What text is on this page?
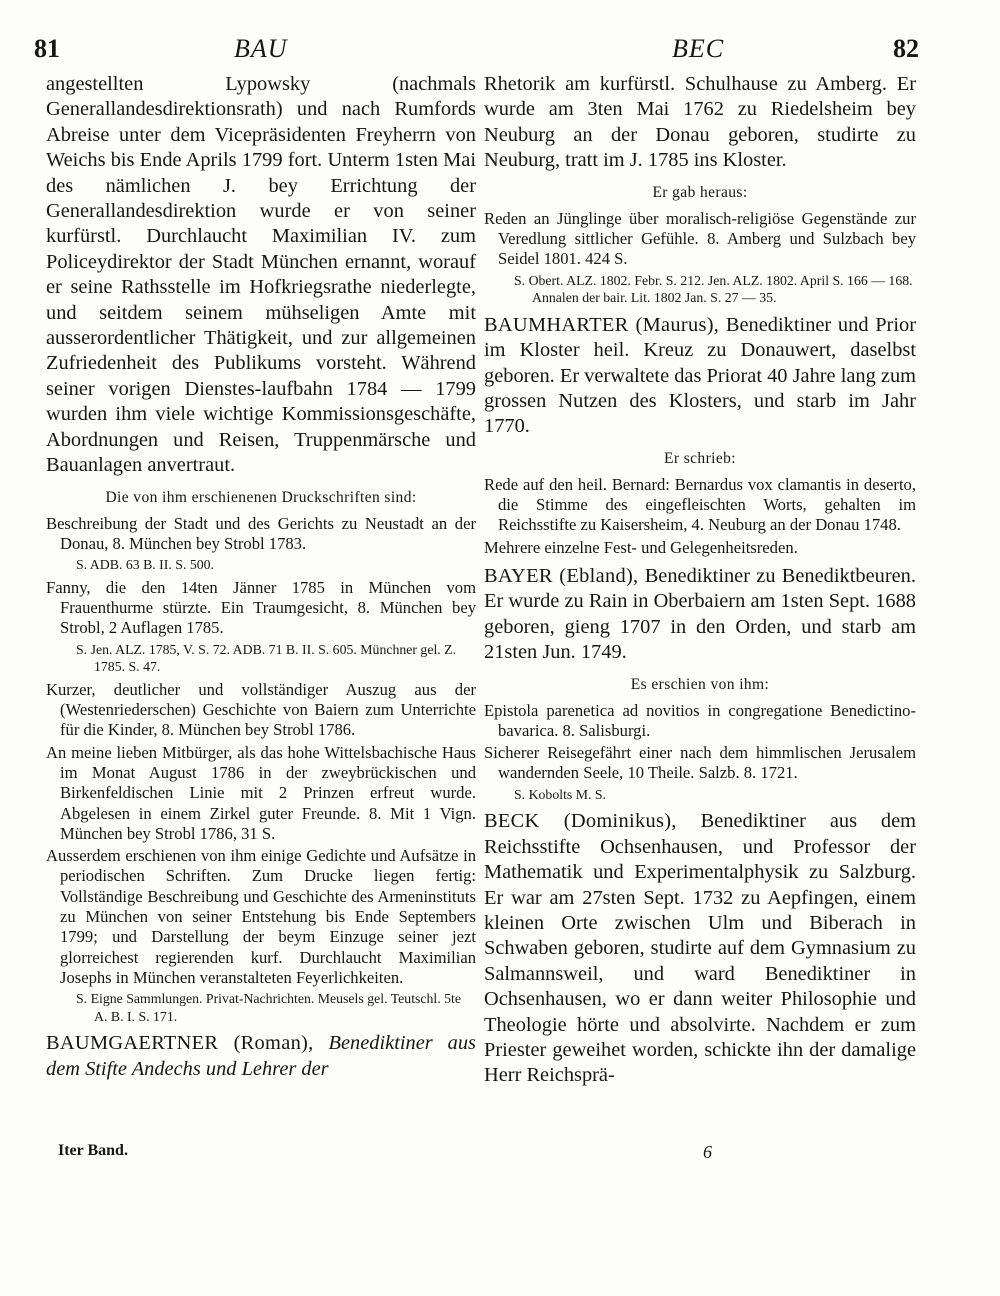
81	BAU	BEC	82
angestellten Lypowsky (nachmals Generallandesdirektionsrath) und nach Rumfords Abreise unter dem Vicepräsidenten Freyherrn von Weichs bis Ende Aprils 1799 fort. Unterm 1sten Mai des nämlichen J. bey Errichtung der Generallandesdirektion wurde er von seiner kurfürstl. Durchlaucht Maximilian IV. zum Policeydirektor der Stadt München ernannt, worauf er seine Rathsstelle im Hofkriegsrathe niederlegte, und seitdem seinem mühseligen Amte mit ausserordentlicher Thätigkeit, und zur allgemeinen Zufriedenheit des Publikums vorsteht. Während seiner vorigen Dienstes-laufbahn 1784 — 1799 wurden ihm viele wichtige Kommissionsgeschäfte, Abordnungen und Reisen, Truppenmärsche und Bauanlagen anvertraut.
Die von ihm erschienenen Druckschriften sind:
Beschreibung der Stadt und des Gerichts zu Neustadt an der Donau, 8. München bey Strobl 1783.
S. ADB. 63 B. II. S. 500.
Fanny, die den 14ten Jänner 1785 in München vom Frauenthurme stürzte. Ein Traumgesicht, 8. München bey Strobl, 2 Auflagen 1785.
S. Jen. ALZ. 1785, V. S. 72. ADB. 71 B. II. S. 605. Münchner gel. Z. 1785. S. 47.
Kurzer, deutlicher und vollständiger Auszug aus der (Westenriederschen) Geschichte von Baiern zum Unterrichte für die Kinder, 8. München bey Strobl 1786.
An meine lieben Mitbürger, als das hohe Wittelsbachische Haus im Monat August 1786 in der zweybrückischen und Birkenfeldischen Linie mit 2 Prinzen erfreut wurde. Abgelesen in einem Zirkel guter Freunde. 8. Mit 1 Vign. München bey Strobl 1786, 31 S.
Ausserdem erschienen von ihm einige Gedichte und Aufsätze in periodischen Schriften. Zum Drucke liegen fertig: Vollständige Beschreibung und Geschichte des Armeninstituts zu München von seiner Entstehung bis Ende Septembers 1799; und Darstellung der beym Einzuge seiner jezt glorreichest regierenden kurf. Durchlaucht Maximilian Josephs in München veranstalteten Feyerlichkeiten.
S. Eigne Sammlungen. Privat-Nachrichten. Meusels gel. Teutschl. 5te A. B. I. S. 171.
BAUMGAERTNER (Roman), Benediktiner aus dem Stifte Andechs und Lehrer der
Rhetorik am kurfürstl. Schulhause zu Amberg. Er wurde am 3ten Mai 1762 zu Riedelsheim bey Neuburg an der Donau geboren, studirte zu Neuburg, tratt im J. 1785 ins Kloster.
Er gab heraus:
Reden an Jünglinge über moralisch-religiöse Gegenstände zur Veredlung sittlicher Gefühle. 8. Amberg und Sulzbach bey Seidel 1801. 424 S.
S. Obert. ALZ. 1802. Febr. S. 212. Jen. ALZ. 1802. April S. 166 — 168. Annalen der bair. Lit. 1802 Jan. S. 27 — 35.
BAUMHARTER (Maurus), Benediktiner und Prior im Kloster heil. Kreuz zu Donauwert, daselbst geboren. Er verwaltete das Priorat 40 Jahre lang zum grossen Nutzen des Klosters, und starb im Jahr 1770.
Er schrieb:
Rede auf den heil. Bernard: Bernardus vox clamantis in deserto, die Stimme des eingefleischten Worts, gehalten im Reichsstifte zu Kaisersheim, 4. Neuburg an der Donau 1748.
Mehrere einzelne Fest- und Gelegenheitsreden.
BAYER (Ebland), Benediktiner zu Benediktbeuren. Er wurde zu Rain in Oberbaiern am 1sten Sept. 1688 geboren, gieng 1707 in den Orden, und starb am 21sten Jun. 1749.
Es erschien von ihm:
Epistola parenetica ad novitios in congregatione Benedictino-bavarica. 8. Salisburgi.
Sicherer Reisegefährt einer nach dem himmlischen Jerusalem wandernden Seele, 10 Theile. Salzb. 8. 1721.
S. Kobolts M. S.
BECK (Dominikus), Benediktiner aus dem Reichsstifte Ochsenhausen, und Professor der Mathematik und Experimentalphysik zu Salzburg. Er war am 27sten Sept. 1732 zu Aepfingen, einem kleinen Orte zwischen Ulm und Biberach in Schwaben geboren, studirte auf dem Gymnasium zu Salmannsweil, und ward Benediktiner in Ochsenhausen, wo er dann weiter Philosophie und Theologie hörte und absolvirte. Nachdem er zum Priester geweihet worden, schickte ihn der damalige Herr Reichsprä-
Iter Band.	6
